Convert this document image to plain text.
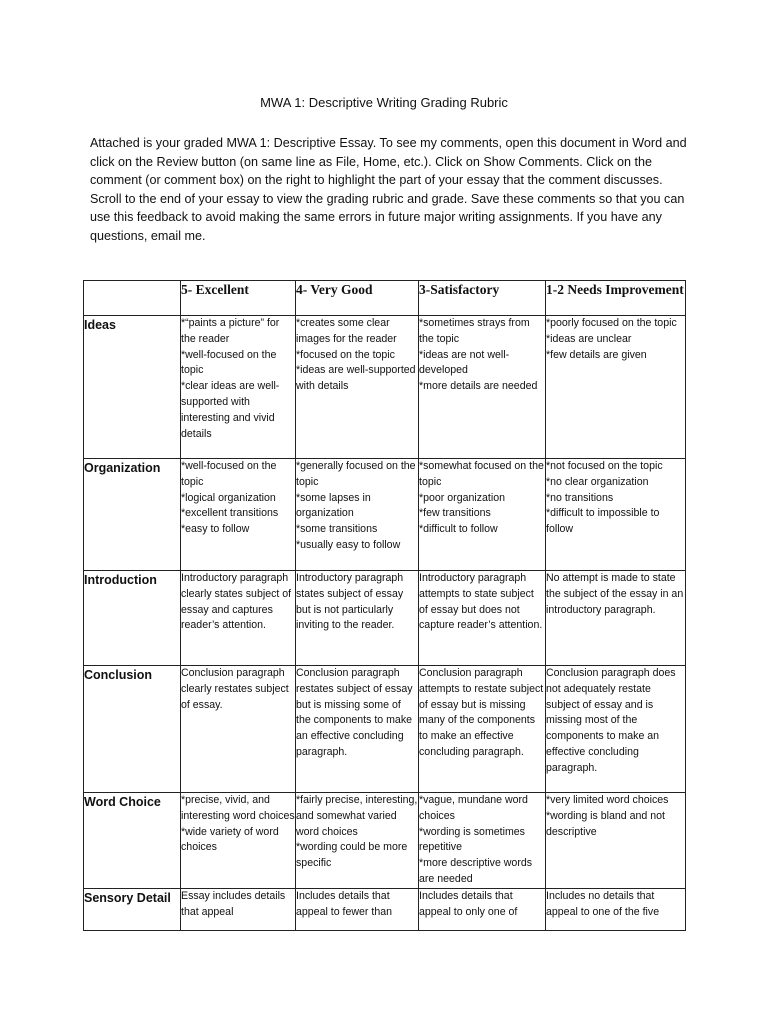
MWA 1: Descriptive Writing Grading Rubric

Attached is your graded MWA 1: Descriptive Essay. To see my comments, open this document in Word and click on the Review button (on same line as File, Home, etc.). Click on Show Comments. Click on the comment (or comment box) on the right to highlight the part of your essay that the comment discusses. Scroll to the end of your essay to view the grading rubric and grade. Save these comments so that you can use this feedback to avoid making the same errors in future major writing assignments. If you have any questions, email me.

	5- Excellent	4- Very Good	3-Satisfactory	1-2 Needs Improvement
Ideas	*“paints a picture” for the reader
*well-focused on the topic
*clear ideas are well-supported with interesting and vivid details	*creates some clear images for the reader
*focused on the topic
*ideas are well-supported with details	*sometimes strays from the topic
*ideas are not well-developed
*more details are needed	*poorly focused on the topic
*ideas are unclear
*few details are given
Organization	*well-focused on the topic
*logical organization
*excellent transitions
*easy to follow	*generally focused on the topic
*some lapses in organization
*some transitions
*usually easy to follow	*somewhat focused on the topic
*poor organization
*few transitions
*difficult to follow	*not focused on the topic
*no clear organization
*no transitions
*difficult to impossible to follow
Introduction	Introductory paragraph clearly states subject of essay and captures reader’s attention.	Introductory paragraph states subject of essay but is not particularly inviting to the reader.	Introductory paragraph attempts to state subject of essay but does not capture reader’s attention.	No attempt is made to state the subject of the essay in an introductory paragraph.
Conclusion	Conclusion paragraph clearly restates subject of essay.	Conclusion paragraph restates subject of essay but is missing some of the components to make an effective concluding paragraph.	Conclusion paragraph attempts to restate subject of essay but is missing many of the components to make an effective concluding paragraph.	Conclusion paragraph does not adequately restate subject of essay and is missing most of the components to make an effective concluding paragraph.
Word Choice	*precise, vivid, and interesting word choices
*wide variety of word choices	*fairly precise, interesting, and somewhat varied word choices
*wording could be more specific	*vague, mundane word choices
*wording is sometimes repetitive
*more descriptive words are needed	*very limited word choices
*wording is bland and not descriptive
Sensory Detail	Essay includes details that appeal	Includes details that appeal to fewer than	Includes details that appeal to only one of	Includes no details that appeal to one of the five
